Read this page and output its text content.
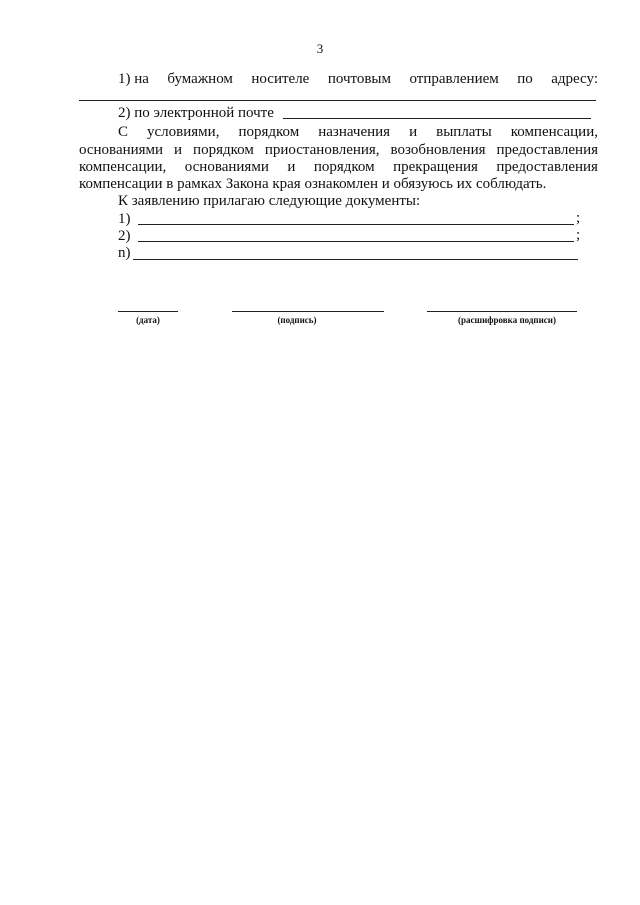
3
1) на бумажном носителе почтовым отправлением по адресу:
2) по электронной почте
С условиями, порядком назначения и выплаты компенсации,
основаниями и порядком приостановления, возобновления предоставления
компенсации, основаниями и порядком прекращения предоставления
компенсации в рамках Закона края ознакомлен и обязуюсь их соблюдать.
К заявлению прилагаю следующие документы:
1)	;
2)	;
n)
(дата)	(подпись)	(расшифровка подписи)
